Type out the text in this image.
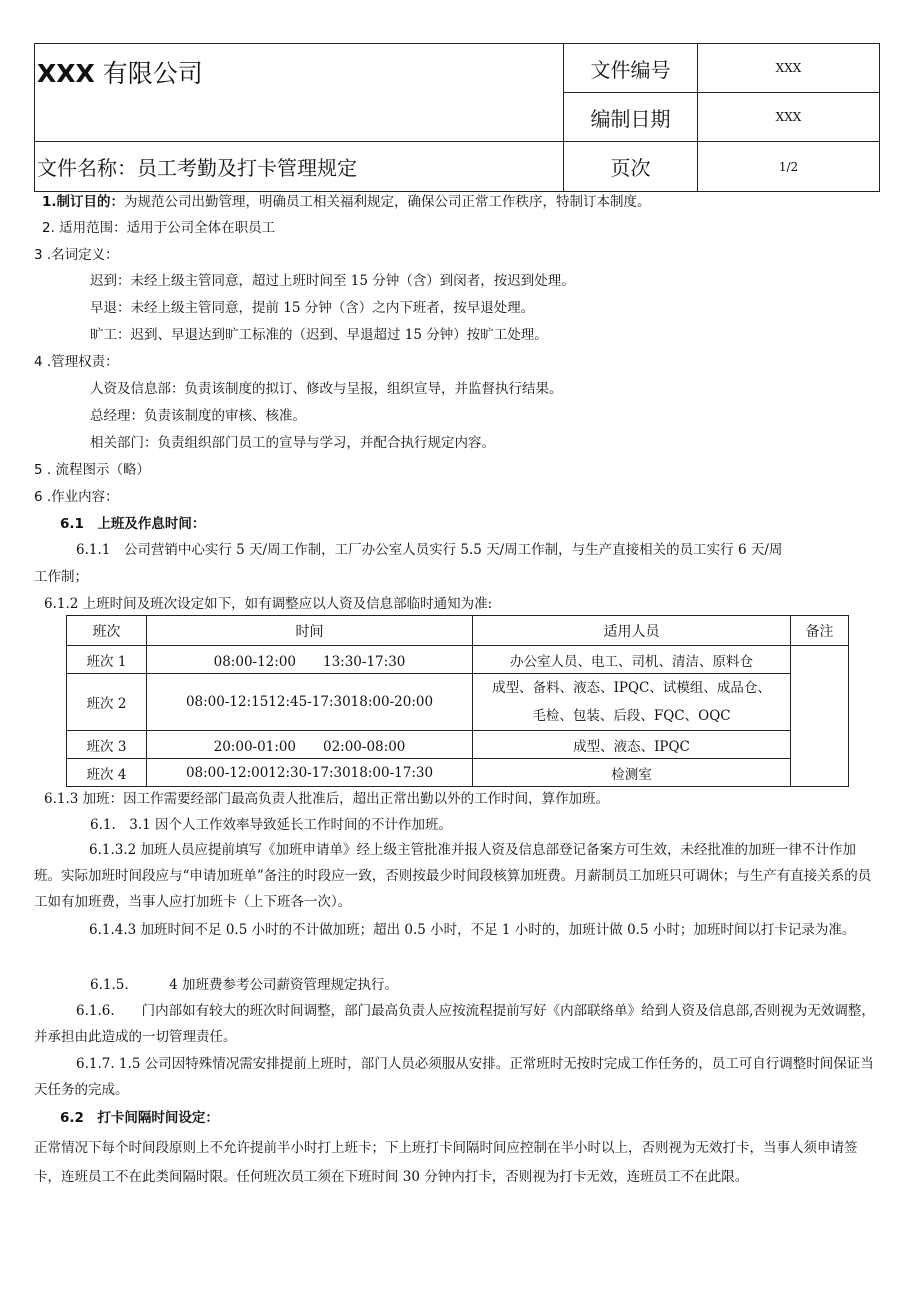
XXX 有限公司	文件编号	XXX
	编制日期	XXX
文件名称：员工考勤及打卡管理规定	页次	1/2
1.制订目的：为规范公司出勤管理，明确员工相关福利规定，确保公司正常工作秩序，特制订本制度。
2. 适用范围：适用于公司全体在职员工
3 .名词定义：
迟到：未经上级主管同意，超过上班时间至 15 分钟（含）到闵者，按迟到处理。
早退：未经上级主管同意，提前 15 分钟（含）之内下班者，按早退处理。
旷工：迟到、早退达到旷工标准的（迟到、早退超过 15 分钟）按旷工处理。
4 .管理权责：
人资及信息部：负责该制度的拟订、修改与呈报，组织宣导，并监督执行结果。
总经理：负责该制度的审核、核准。
相关部门：负责组织部门员工的宣导与学习，并配合执行规定内容。
5 . 流程图示（略）
6 .作业内容：
6.1　上班及作息时间：
6.1.1　公司营销中心实行 5 天/周工作制，工厂办公室人员实行 5.5 天/周工作制，与生产直接相关的员工实行 6 天/周
工作制；
6.1.2 上班时间及班次设定如下，如有调整应以人资及信息部临时通知为准:
班次	时间	适用人员	备注
班次 1	08:00-12:00　　13:30-17:30	办公室人员、电工、司机、清洁、原料仓	
班次 2	08:00-12:1512:45-17:3018:00-20:00	成型、备料、液态、IPQC、试模组、成品仓、
毛检、包装、后段、FQC、OQC	

班次 3	20:00-01:00　　02:00-08:00	成型、液态、IPQC	
班次 4	08:00-12:0012:30-17:3018:00-17:30	检测室	
6.1.3 加班：因工作需要经部门最高负责人批准后，超出正常出勤以外的工作时间，算作加班。
6.1.　3.1 因个人工作效率导致延长工作时间的不计作加班。
6.1.3.2 加班人员应提前填写《加班申请单》经上级主管批准并报人资及信息部登记备案方可生效，未经批准的加班一律不计作加班。实际加班时间段应与“申请加班单”备注的时段应一致，否则按最少时间段核算加班费。月薪制员工加班只可调休；与生产有直接关系的员工如有加班费，当事人应打加班卡（上下班各一次）。
6.1.4.3 加班时间不足 0.5 小时的不计做加班；超出 0.5 小时，不足 1 小时的，加班计做 0.5 小时；加班时间以打卡记录为准。
6.1.5.　　　4 加班费参考公司薪资管理规定执行。
6.1.6.　　门内部如有较大的班次时间调整，部门最高负责人应按流程提前写好《内部联络单》给到人资及信息部,否则视为无效调整，并承担由此造成的一切管理责任。
6.1.7. 1.5 公司因特殊情况需安排提前上班时，部门人员必须服从安排。正常班时无按时完成工作任务的，员工可自行调整时间保证当天任务的完成。
6.2　打卡间隔时间设定：
正常情况下每个时间段原则上不允许提前半小时打上班卡；下上班打卡间隔时间应控制在半小时以上，否则视为无效打卡，当事人须申请签卡，连班员工不在此类间隔时限。任何班次员工须在下班时间 30 分钟内打卡，否则视为打卡无效，连班员工不在此限。
